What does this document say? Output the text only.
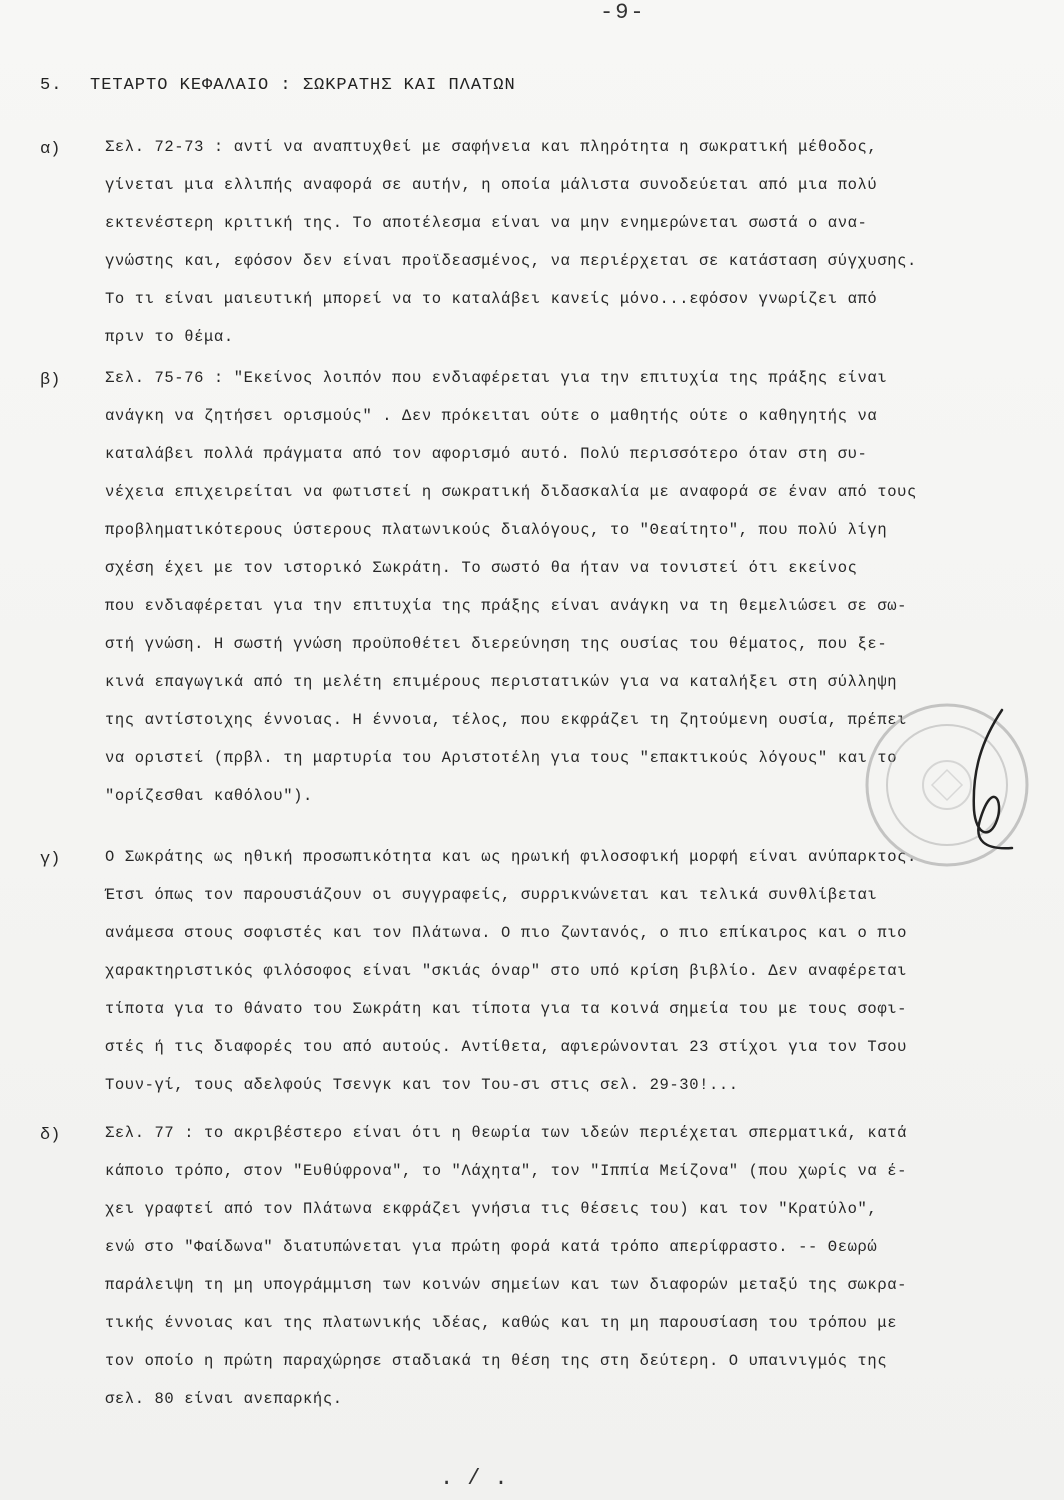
-9-
5. ΤΕΤΑΡΤΟ ΚΕΦΑΛΑΙΟ : ΣΩΚΡΑΤΗΣ ΚΑΙ ΠΛΑΤΩΝ
α)	Σελ. 72-73 : αντί να αναπτυχθεί με σαφήνεια και πληρότητα η σωκρατική μέθοδος,
γίνεται μια ελλιπής αναφορά σε αυτήν, η οποία μάλιστα συνοδεύεται από μια πολύ
εκτενέστερη κριτική της. Το αποτέλεσμα είναι να μην ενημερώνεται σωστά ο ανα-
γνώστης και, εφόσον δεν είναι προϊδεασμένος, να περιέρχεται σε κατάσταση σύγχυσης.
Το τι είναι μαιευτική μπορεί να το καταλάβει κανείς μόνο...εφόσον γνωρίζει από
πριν το θέμα.
β)	Σελ. 75-76 : "Εκείνος λοιπόν που ενδιαφέρεται για την επιτυχία της πράξης είναι
ανάγκη να ζητήσει ορισμούς" . Δεν πρόκειται ούτε ο μαθητής ούτε ο καθηγητής να
καταλάβει πολλά πράγματα από τον αφορισμό αυτό. Πολύ περισσότερο όταν στη συ-
νέχεια επιχειρείται να φωτιστεί η σωκρατική διδασκαλία με αναφορά σε έναν από τους
προβληματικότερους ύστερους πλατωνικούς διαλόγους, το "Θεαίτητο", που πολύ λίγη
σχέση έχει με τον ιστορικό Σωκράτη. Το σωστό θα ήταν να τονιστεί ότι εκείνος
που ενδιαφέρεται για την επιτυχία της πράξης είναι ανάγκη να τη θεμελιώσει σε σω-
στή γνώση. Η σωστή γνώση προϋποθέτει διερεύνηση της ουσίας του θέματος, που ξε-
κινά επαγωγικά από τη μελέτη επιμέρους περιστατικών για να καταλήξει στη σύλληψη
της αντίστοιχης έννοιας. Η έννοια, τέλος, που εκφράζει τη ζητούμενη ουσία, πρέπει
να οριστεί (πρβλ. τη μαρτυρία του Αριστοτέλη για τους "επακτικούς λόγους" και το
"ορίζεσθαι καθόλου").
γ)	Ο Σωκράτης ως ηθική προσωπικότητα και ως ηρωική φιλοσοφική μορφή είναι ανύπαρκτος.
Έτσι όπως τον παρουσιάζουν οι συγγραφείς, συρρικνώνεται και τελικά συνθλίβεται
ανάμεσα στους σοφιστές και τον Πλάτωνα. Ο πιο ζωντανός, ο πιο επίκαιρος και ο πιο
χαρακτηριστικός φιλόσοφος είναι "σκιάς όναρ" στο υπό κρίση βιβλίο. Δεν αναφέρεται
τίποτα για το θάνατο του Σωκράτη και τίποτα για τα κοινά σημεία του με τους σοφι-
στές ή τις διαφορές του από αυτούς. Αντίθετα, αφιερώνονται 23 στίχοι για τον Τσου
Τουν-γί, τους αδελφούς Τσενγκ και τον Του-σι στις σελ. 29-30!...
δ)	Σελ. 77 : το ακριβέστερο είναι ότι η θεωρία των ιδεών περιέχεται σπερματικά, κατά
κάποιο τρόπο, στον "Ευθύφρονα", το "Λάχητα", τον "Ιππία Μείζονα" (που χωρίς να έ-
χει γραφτεί από τον Πλάτωνα εκφράζει γνήσια τις θέσεις του) και τον "Κρατύλο",
ενώ στο "Φαίδωνα" διατυπώνεται για πρώτη φορά κατά τρόπο απερίφραστο. -- Θεωρώ
παράλειψη τη μη υπογράμμιση των κοινών σημείων και των διαφορών μεταξύ της σωκρα-
τικής έννοιας και της πλατωνικής ιδέας, καθώς και τη μη παρουσίαση του τρόπου με
τον οποίο η πρώτη παραχώρησε σταδιακά τη θέση της στη δεύτερη. Ο υπαινιγμός της
σελ. 80 είναι ανεπαρκής.
./.
